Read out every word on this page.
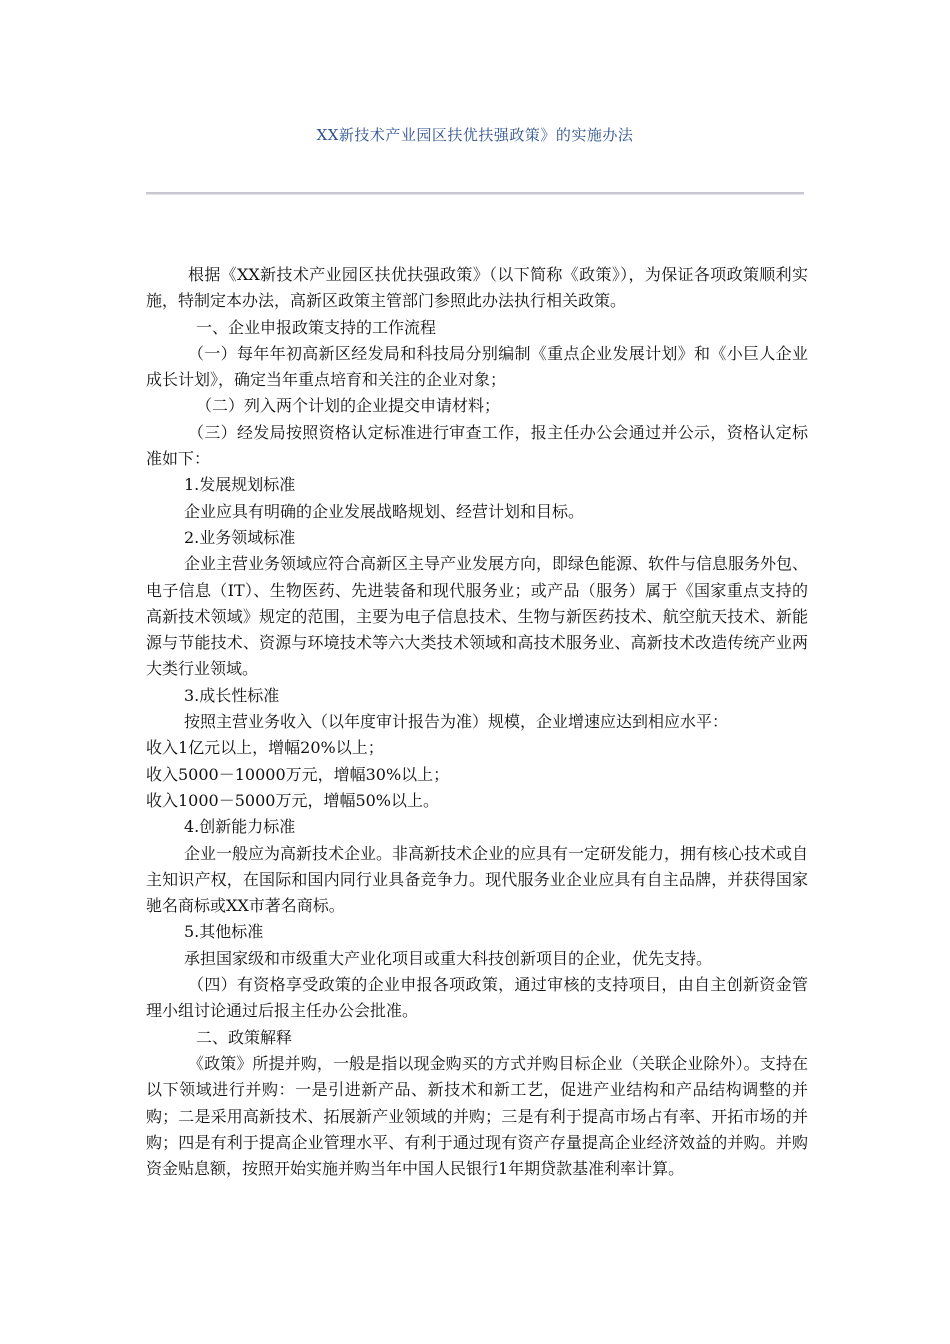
XX新技术产业园区扶优扶强政策》的实施办法

根据《XX新技术产业园区扶优扶强政策》（以下简称《政策》），为保证各项政策顺利实施，特制定本办法，高新区政策主管部门参照此办法执行相关政策。

一、企业申报政策支持的工作流程

（一）每年年初高新区经发局和科技局分别编制《重点企业发展计划》和《小巨人企业成长计划》，确定当年重点培育和关注的企业对象；

（二）列入两个计划的企业提交申请材料；

（三）经发局按照资格认定标准进行审查工作，报主任办公会通过并公示，资格认定标准如下：

1.发展规划标准

企业应具有明确的企业发展战略规划、经营计划和目标。

2.业务领域标准

企业主营业务领域应符合高新区主导产业发展方向，即绿色能源、软件与信息服务外包、电子信息（IT）、生物医药、先进装备和现代服务业；或产品（服务）属于《国家重点支持的高新技术领域》规定的范围，主要为电子信息技术、生物与新医药技术、航空航天技术、新能源与节能技术、资源与环境技术等六大类技术领域和高技术服务业、高新技术改造传统产业两大类行业领域。

3.成长性标准

按照主营业务收入（以年度审计报告为准）规模，企业增速应达到相应水平：

收入1亿元以上，增幅20%以上；

收入5000－10000万元，增幅30%以上；

收入1000－5000万元，增幅50%以上。

4.创新能力标准

企业一般应为高新技术企业。非高新技术企业的应具有一定研发能力，拥有核心技术或自主知识产权，在国际和国内同行业具备竞争力。现代服务业企业应具有自主品牌，并获得国家驰名商标或XX市著名商标。

5.其他标准

承担国家级和市级重大产业化项目或重大科技创新项目的企业，优先支持。

（四）有资格享受政策的企业申报各项政策，通过审核的支持项目，由自主创新资金管理小组讨论通过后报主任办公会批准。

二、政策解释

《政策》所提并购，一般是指以现金购买的方式并购目标企业（关联企业除外）。支持在以下领域进行并购：一是引进新产品、新技术和新工艺，促进产业结构和产品结构调整的并购；二是采用高新技术、拓展新产业领域的并购；三是有利于提高市场占有率、开拓市场的并购；四是有利于提高企业管理水平、有利于通过现有资产存量提高企业经济效益的并购。并购资金贴息额，按照开始实施并购当年中国人民银行1年期贷款基准利率计算。
